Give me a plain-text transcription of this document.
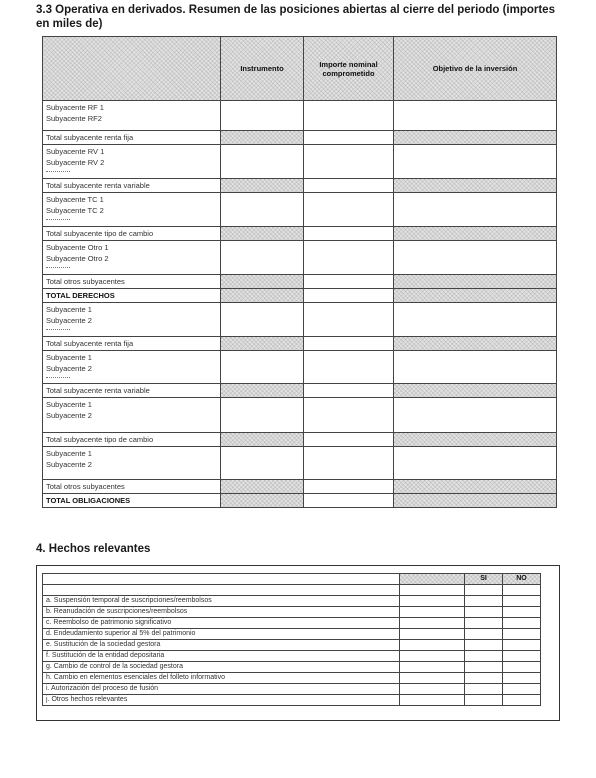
3.3 Operativa en derivados. Resumen de las posiciones abiertas al cierre del periodo (importes en miles de)
	Instrumento	Importe nominal comprometido	Objetivo de la inversión

Subyacente RF 1
Subyacente RF2			

Total subyacente renta fija			

Subyacente RV 1
Subyacente RV 2			

Total subyacente renta variable			

Subyacente TC 1
Subyacente TC 2			

Total subyacente tipo de cambio			

Subyacente Otro 1
Subyacente Otro 2			

Total otros subyacentes			
TOTAL DERECHOS			

Subyacente 1
Subyacente 2			

Total subyacente renta fija			

Subyacente 1
Subyacente 2			

Total subyacente renta variable			

Subyacente 1
Subyacente 2			

Total subyacente tipo de cambio			

Subyacente 1
Subyacente 2			

Total otros subyacentes			
TOTAL OBLIGACIONES			
4. Hechos relevantes
		SI	NO

a. Suspensión temporal de suscripciones/reembolsos			
b. Reanudación de suscripciones/reembolsos			
c. Reembolso de patrimonio significativo			
d. Endeudamiento superior al 5% del patrimonio			
e. Sustitución de la sociedad gestora			
f. Sustitución de la entidad depositaria			
g. Cambio de control de la sociedad gestora			
h. Cambio en elementos esenciales del folleto informativo			
i. Autorización del proceso de fusión			
j. Otros hechos relevantes			
